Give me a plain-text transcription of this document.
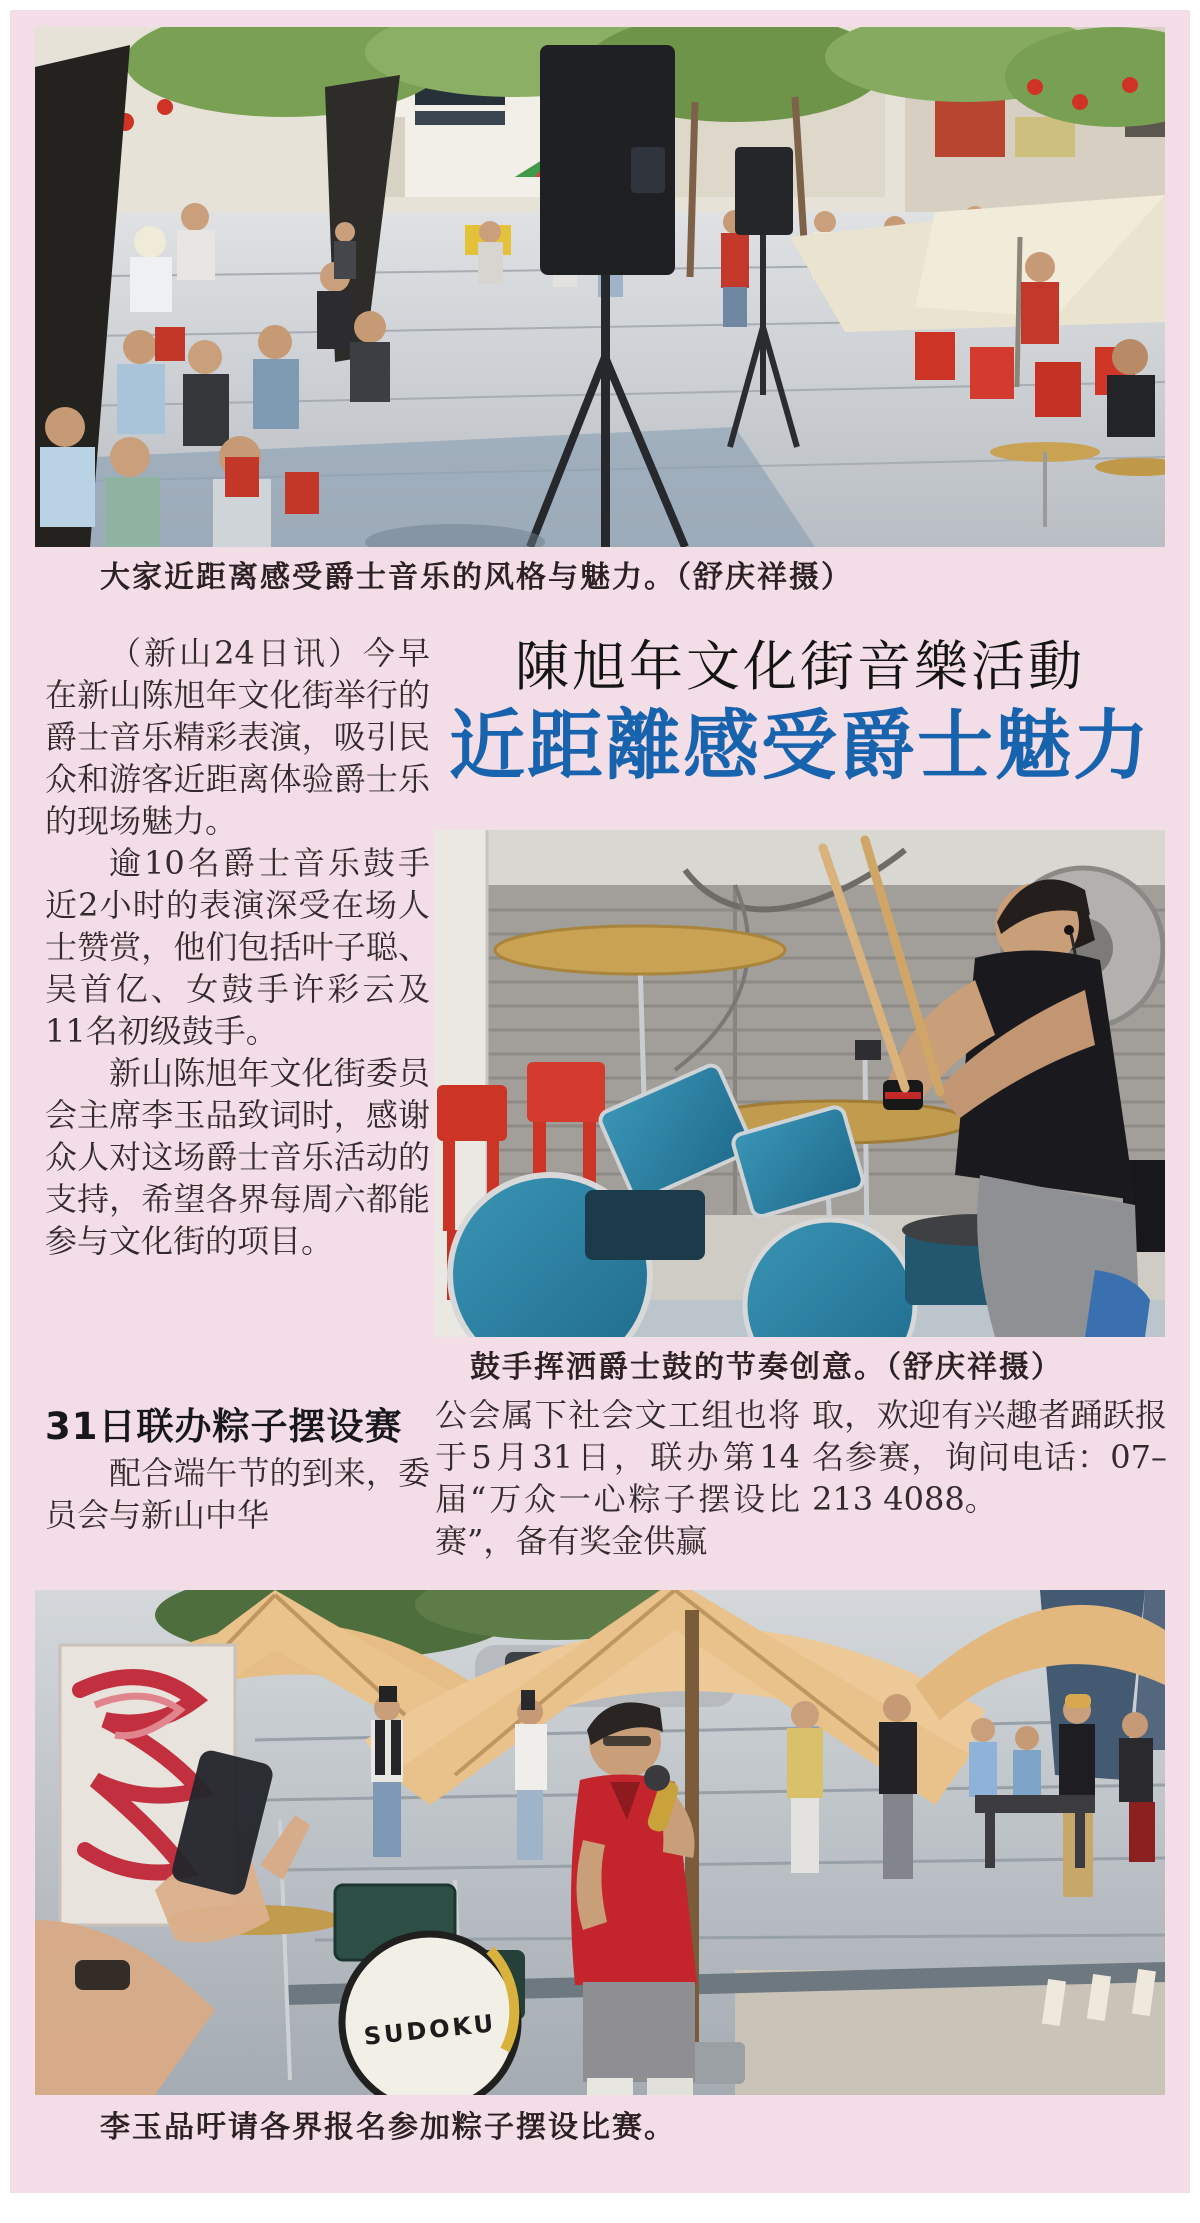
大家近距离感受爵士音乐的风格与魅力。（舒庆祥摄）

（新山24日讯）今早在新山陈旭年文化街举行的爵士音乐精彩表演，吸引民众和游客近距离体验爵士乐的现场魅力。

逾10名爵士音乐鼓手近2小时的表演深受在场人士赞赏，他们包括叶子聪、吴首亿、女鼓手许彩云及11名初级鼓手。

新山陈旭年文化街委员会主席李玉品致词时，感谢众人对这场爵士音乐活动的支持，希望各界每周六都能参与文化街的项目。

31日联办粽子摆设赛

配合端午节的到来，委员会与新山中华

陳旭年文化街音樂活動

近距離感受爵士魅力

鼓手挥洒爵士鼓的节奏创意。（舒庆祥摄）

公会属下社会文工组也将于5月31日，联办第14届“万众一心粽子摆设比赛”，备有奖金供赢

取，欢迎有兴趣者踊跃报名参赛，询问电话：07–213 4088。

SUDOKU
李玉品吁请各界报名参加粽子摆设比赛。
